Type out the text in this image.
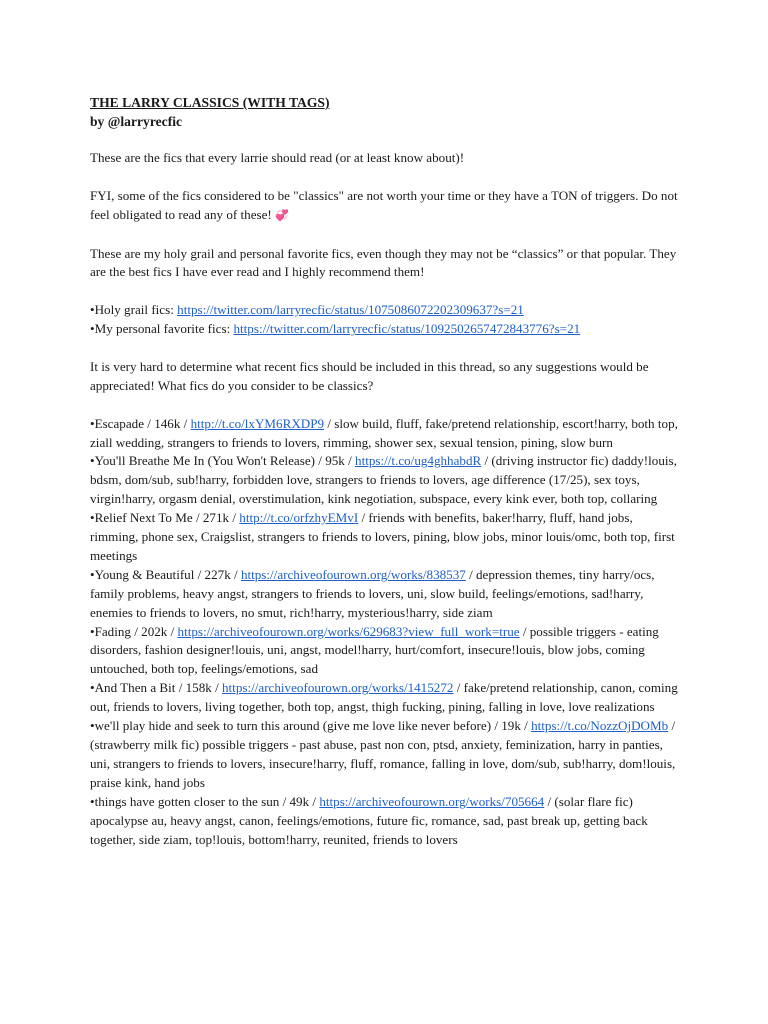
THE LARRY CLASSICS (WITH TAGS)
by @larryrecfic

These are the fics that every larrie should read (or at least know about)!

FYI, some of the fics considered to be "classics" are not worth your time or they have a TON of triggers. Do not feel obligated to read any of these! 💞

These are my holy grail and personal favorite fics, even though they may not be “classics” or that popular. They are the best fics I have ever read and I highly recommend them!

•Holy grail fics: https://twitter.com/larryrecfic/status/1075086072202309637?s=21

•My personal favorite fics: https://twitter.com/larryrecfic/status/1092502657472843776?s=21

It is very hard to determine what recent fics should be included in this thread, so any suggestions would be appreciated! What fics do you consider to be classics?

•Escapade / 146k / http://t.co/lxYM6RXDP9 / slow build, fluff, fake/pretend relationship, escort!harry, both top, ziall wedding, strangers to friends to lovers, rimming, shower sex, sexual tension, pining, slow burn
•You'll Breathe Me In (You Won't Release) / 95k / https://t.co/ug4ghhabdR / (driving instructor fic) daddy!louis, bdsm, dom/sub, sub!harry, forbidden love, strangers to friends to lovers, age difference (17/25), sex toys, virgin!harry, orgasm denial, overstimulation, kink negotiation, subspace, every kink ever, both top, collaring
•Relief Next To Me / 271k / http://t.co/orfzhyEMvI / friends with benefits, baker!harry, fluff, hand jobs, rimming, phone sex, Craigslist, strangers to friends to lovers, pining, blow jobs, minor louis/omc, both top, first meetings
•Young & Beautiful / 227k / https://archiveofourown.org/works/838537 / depression themes, tiny harry/ocs, family problems, heavy angst, strangers to friends to lovers, uni, slow build, feelings/emotions, sad!harry, enemies to friends to lovers, no smut, rich!harry, mysterious!harry, side ziam
•Fading / 202k / https://archiveofourown.org/works/629683?view_full_work=true / possible triggers - eating disorders, fashion designer!louis, uni, angst, model!harry, hurt/comfort, insecure!louis, blow jobs, coming untouched, both top, feelings/emotions, sad
•And Then a Bit / 158k / https://archiveofourown.org/works/1415272 / fake/pretend relationship, canon, coming out, friends to lovers, living together, both top, angst, thigh fucking, pining, falling in love, love realizations
•we'll play hide and seek to turn this around (give me love like never before) / 19k / https://t.co/NozzOjDOMb / (strawberry milk fic) possible triggers - past abuse, past non con, ptsd, anxiety, feminization, harry in panties, uni, strangers to friends to lovers, insecure!harry, fluff, romance, falling in love, dom/sub, sub!harry, dom!louis, praise kink, hand jobs
•things have gotten closer to the sun / 49k / https://archiveofourown.org/works/705664 / (solar flare fic) apocalypse au, heavy angst, canon, feelings/emotions, future fic, romance, sad, past break up, getting back together, side ziam, top!louis, bottom!harry, reunited, friends to lovers
